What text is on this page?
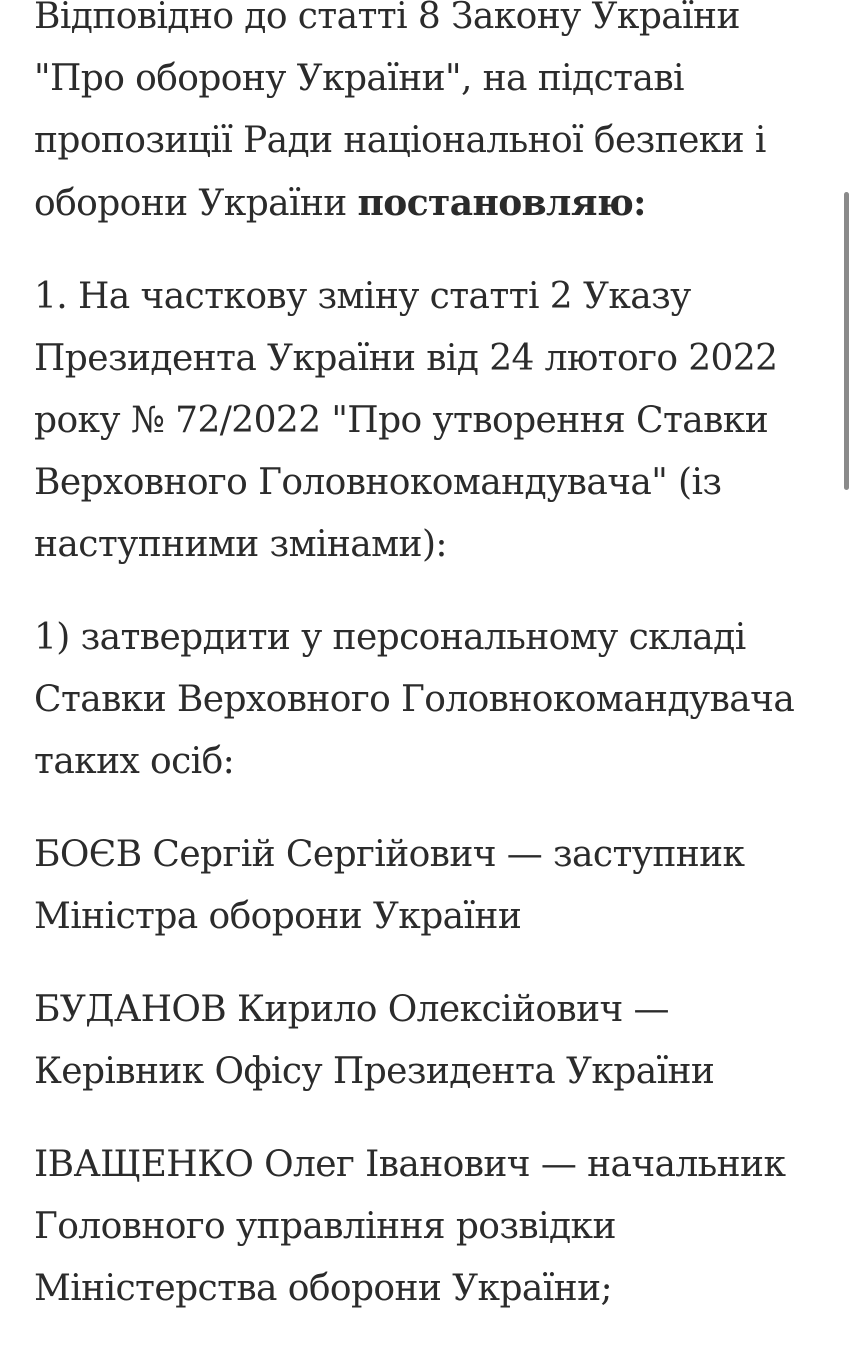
Відповідно до статті 8 Закону України
"Про оборону України", на підставі
пропозиції Ради національної безпеки і
оборони України постановляю:

1. На часткову зміну статті 2 Указу
Президента України від 24 лютого 2022
року № 72/2022 "Про утворення Ставки
Верховного Головнокомандувача" (із
наступними змінами):

1) затвердити у персональному складі
Ставки Верховного Головнокомандувача
таких осіб:

БОЄВ Сергій Сергійович — заступник
Міністра оборони України

БУДАНОВ Кирило Олексійович —
Керівник Офісу Президента України

ІВАЩЕНКО Олег Іванович — начальник
Головного управління розвідки
Міністерства оборони України;
